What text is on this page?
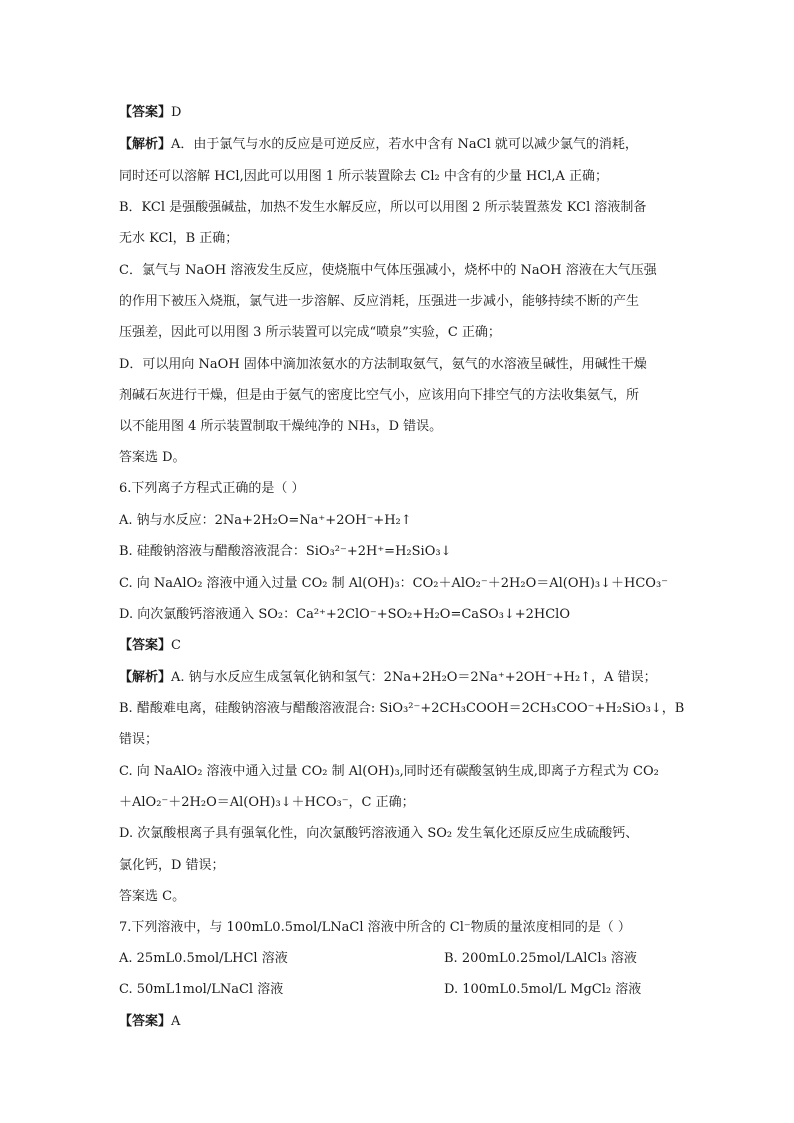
【答案】D
【解析】A．由于氯气与水的反应是可逆反应，若水中含有 NaCl 就可以减少氯气的消耗，
同时还可以溶解 HCl,因此可以用图 1 所示装置除去 Cl₂ 中含有的少量 HCl,A 正确；
B．KCl 是强酸强碱盐，加热不发生水解反应，所以可以用图 2 所示装置蒸发 KCl 溶液制备
无水 KCl，B 正确；
C．氯气与 NaOH 溶液发生反应，使烧瓶中气体压强减小，烧杯中的 NaOH 溶液在大气压强
的作用下被压入烧瓶，氯气进一步溶解、反应消耗，压强进一步减小，能够持续不断的产生
压强差，因此可以用图 3 所示装置可以完成“喷泉”实验，C 正确；
D．可以用向 NaOH 固体中滴加浓氨水的方法制取氨气，氨气的水溶液呈碱性，用碱性干燥
剂碱石灰进行干燥，但是由于氨气的密度比空气小，应该用向下排空气的方法收集氨气，所
以不能用图 4 所示装置制取干燥纯净的 NH₃，D 错误。
答案选 D。
6.下列离子方程式正确的是（ ）
A. 钠与水反应：2Na+2H₂O=Na⁺+2OH⁻+H₂↑
B. 硅酸钠溶液与醋酸溶液混合：SiO₃²⁻+2H⁺=H₂SiO₃↓
C. 向 NaAlO₂ 溶液中通入过量 CO₂ 制 Al(OH)₃：CO₂＋AlO₂⁻＋2H₂O＝Al(OH)₃↓＋HCO₃⁻
D. 向次氯酸钙溶液通入 SO₂：Ca²⁺+2ClO⁻+SO₂+H₂O=CaSO₃↓+2HClO
【答案】C
【解析】A. 钠与水反应生成氢氧化钠和氢气：2Na+2H₂O＝2Na⁺+2OH⁻+H₂↑，A 错误；
B. 醋酸难电离，硅酸钠溶液与醋酸溶液混合: SiO₃²⁻+2CH₃COOH＝2CH₃COO⁻+H₂SiO₃↓，B
错误；
C. 向 NaAlO₂ 溶液中通入过量 CO₂ 制 Al(OH)₃,同时还有碳酸氢钠生成,即离子方程式为 CO₂
＋AlO₂⁻＋2H₂O＝Al(OH)₃↓＋HCO₃⁻，C 正确；
D. 次氯酸根离子具有强氧化性，向次氯酸钙溶液通入 SO₂ 发生氧化还原反应生成硫酸钙、
氯化钙，D 错误；
答案选 C。
7.下列溶液中，与 100mL0.5mol/LNaCl 溶液中所含的 Cl⁻物质的量浓度相同的是（ ）
A. 25mL0.5mol/LHCl 溶液	B. 200mL0.25mol/LAlCl₃ 溶液
C. 50mL1mol/LNaCl 溶液	D. 100mL0.5mol/L MgCl₂ 溶液
【答案】A
